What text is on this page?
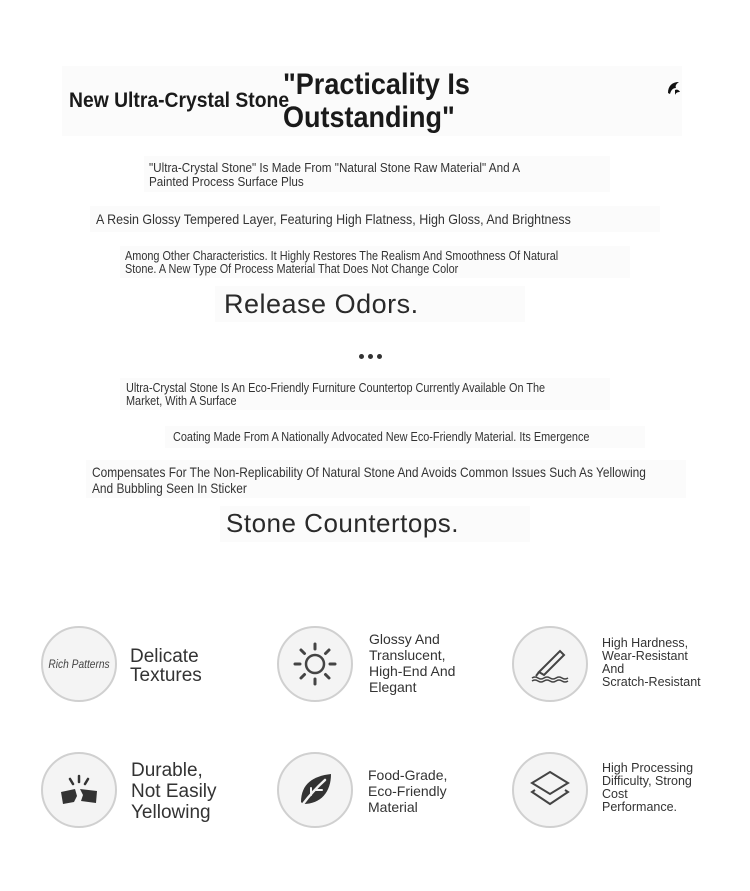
New Ultra-Crystal Stone
"Practicality Is
Outstanding"
"Ultra-Crystal Stone" Is Made From "Natural Stone Raw Material" And A
Painted Process Surface Plus
A Resin Glossy Tempered Layer, Featuring High Flatness, High Gloss, And Brightness
Among Other Characteristics. It Highly Restores The Realism And Smoothness Of Natural
Stone. A New Type Of Process Material That Does Not Change Color
Release Odors.
Ultra-Crystal Stone Is An Eco-Friendly Furniture Countertop Currently Available On The
Market, With A Surface
Coating Made From A Nationally Advocated New Eco-Friendly Material. Its Emergence
Compensates For The Non-Replicability Of Natural Stone And Avoids Common Issues Such As Yellowing
And Bubbling Seen In Sticker
Stone Countertops.
Rich Patterns Delicate
Textures
Glossy And
Translucent,
High-End And
Elegant
High Hardness,
Wear-Resistant
And
Scratch-Resistant
Durable,
Not Easily
Yellowing
Food-Grade,
Eco-Friendly
Material
High Processing
Difficulty, Strong
Cost
Performance.
